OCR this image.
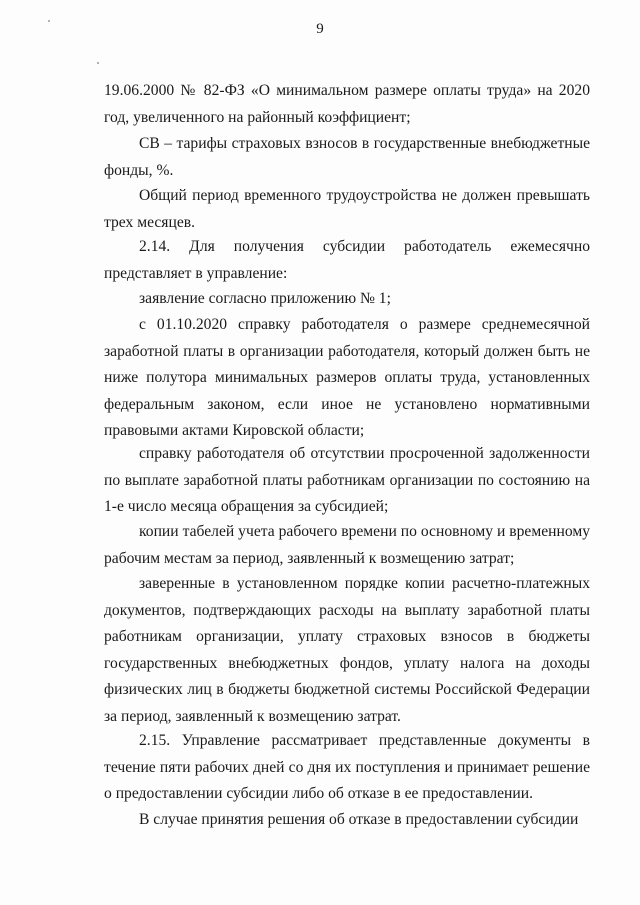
9
19.06.2000 № 82-ФЗ «О минимальном размере оплаты труда» на 2020 год, увеличенного на районный коэффициент;
СВ – тарифы страховых взносов в государственные внебюджетные фонды, %.
Общий период временного трудоустройства не должен превышать трех месяцев.
2.14. Для получения субсидии работодатель ежемесячно представляет в управление:
заявление согласно приложению № 1;
с 01.10.2020 справку работодателя о размере среднемесячной заработной платы в организации работодателя, который должен быть не ниже полутора минимальных размеров оплаты труда, установленных федеральным законом, если иное не установлено нормативными правовыми актами Кировской области;
справку работодателя об отсутствии просроченной задолженности по выплате заработной платы работникам организации по состоянию на 1-е число месяца обращения за субсидией;
копии табелей учета рабочего времени по основному и временному рабочим местам за период, заявленный к возмещению затрат;
заверенные в установленном порядке копии расчетно-платежных документов, подтверждающих расходы на выплату заработной платы работникам организации, уплату страховых взносов в бюджеты государственных внебюджетных фондов, уплату налога на доходы физических лиц в бюджеты бюджетной системы Российской Федерации за период, заявленный к возмещению затрат.
2.15. Управление рассматривает представленные документы в течение пяти рабочих дней со дня их поступления и принимает решение о предоставлении субсидии либо об отказе в ее предоставлении.
В случае принятия решения об отказе в предоставлении субсидии
